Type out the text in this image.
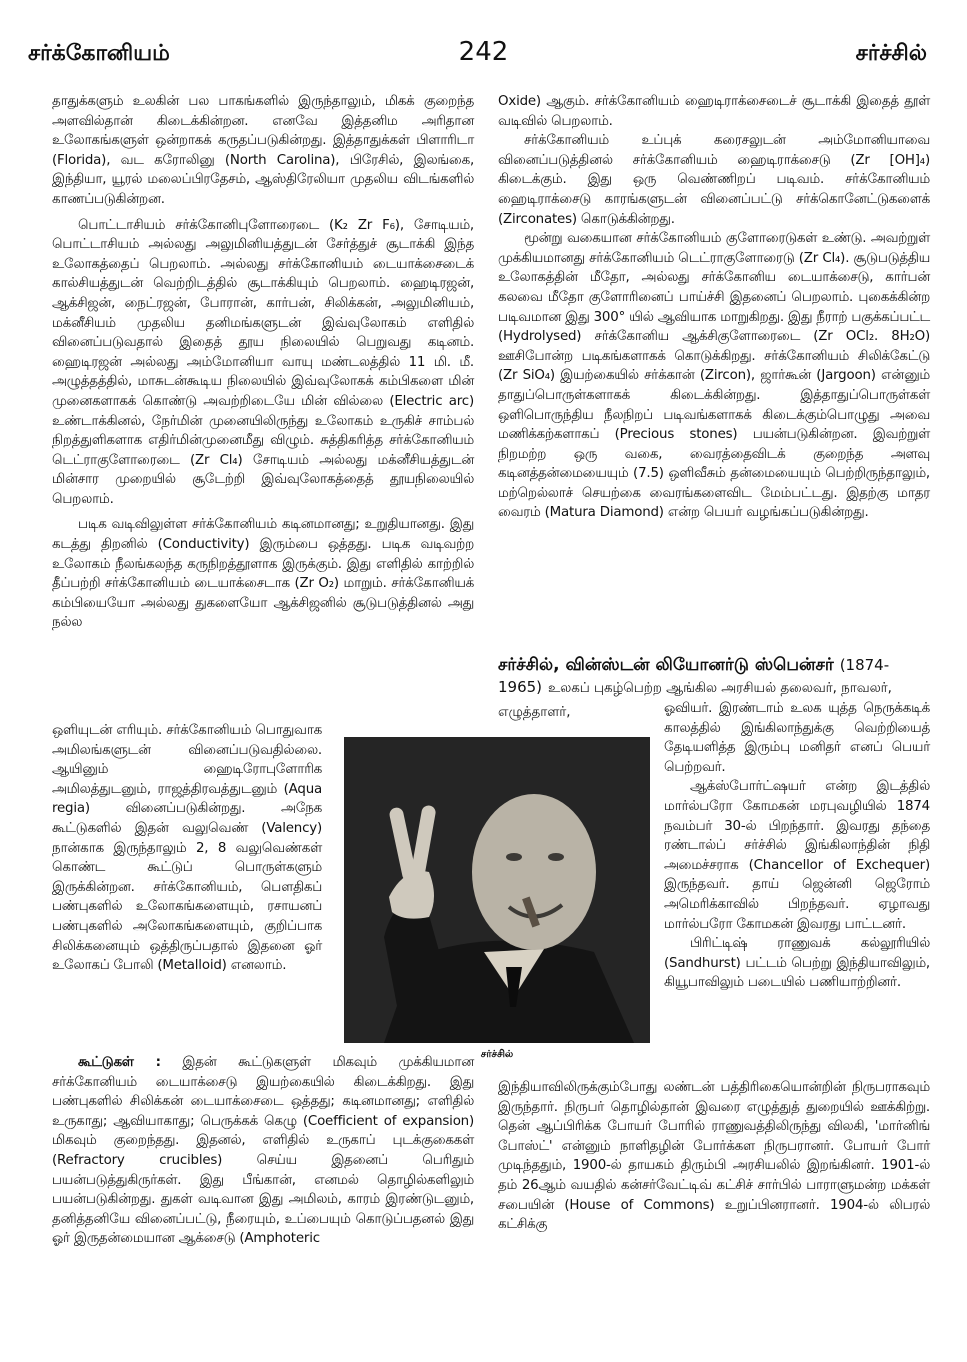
சர்க்கோனியம்	242	சர்ச்சில்

தாதுக்களும் உலகின் பல பாகங்களில் இருந்தாலும், மிகக் குறைந்த அளவில்தான் கிடைக்கின்றன. எனவே இத்தனிம அரிதான உலோகங்களுள் ஒன்றாகக் கருதப்படுகின்றது. இத்தாதுக்கள் பிளாரிடா (Florida), வட கரோலினு (North Carolina), பிரேசில், இலங்கை, இந்தியா, யூரல் மலைப்பிரதேசம், ஆஸ்திரேலியா முதலிய விடங்களில் காணப்படுகின்றன.

பொட்டாசியம் சர்க்கோனிபுளோரைடை (K₂ Zr F₆), சோடியம், பொட்டாசியம் அல்லது அலுமினியத்துடன் சேர்த்துச் சூடாக்கி இந்த உலோகத்தைப் பெறலாம். அல்லது சர்க்கோனியம் டையாக்சைடைக் கால்சியத்துடன் வெற்றிடத்தில் சூடாக்கியும் பெறலாம். ஹைடிரஜன், ஆக்சிஜன், நைட்ரஜன், போரான், கார்பன், சிலிக்கன், அலுமினியம், மக்னீசியம் முதலிய தனிமங்களுடன் இவ்வுலோகம் எளிதில் வினைப்படுவதால் இதைத் தூய நிலையில் பெறுவது கடினம். ஹைடிரஜன் அல்லது அம்மோனியா வாயு மண்டலத்தில் 11 மி. மீ. அழுத்தத்தில், மாசுடன்கூடிய நிலையில் இவ்வுலோகக் கம்பிகளை மின் முனைகளாகக் கொண்டு அவற்றிடையே மின் வில்லை (Electric arc) உண்டாக்கினல், நேர்மின் முனையிலிருந்து உலோகம் உருகிச் சாம்பல் நிறத்துளிகளாக எதிர்மின்முனைமீது விழும். சுத்திகரித்த சர்க்கோனியம் டெட்ராகுளோரைடை (Zr Cl₄) சோடியம் அல்லது மக்னீசியத்துடன் மின்சார முறையில் சூடேற்றி இவ்வுலோகத்தைத் தூயநிலையில் பெறலாம்.

படிக வடிவிலுள்ள சர்க்கோனியம் கடினமானது; உறுதியானது. இது கடத்து திறனில் (Conductivity) இரும்பை ஒத்தது. படிக வடிவற்ற உலோகம் நீலங்கலந்த கருநிறத்தூளாக இருக்கும். இது எளிதில் காற்றில் தீப்பற்றி சர்க்கோனியம் டையாக்சைடாக (Zr O₂) மாறும். சர்க்கோனியக் கம்பியையோ அல்லது துகளையோ ஆக்சிஜனில் சூடுபடுத்தினல் அது நல்ல

ஒளியுடன் எரியும். சர்க்கோனியம் பொதுவாக அமிலங்களுடன் வினைப்படுவதில்லை. ஆயினும் ஹைடிரோபுளோரிக அமிலத்துடனும், ராஜத்திரவத்துடனும் (Aqua regia) வினைப்படுகின்றது. அநேக கூட்டுகளில் இதன் வலுவெண் (Valency) நான்காக இருந்தாலும் 2, 8 வலுவெண்கள் கொண்ட கூட்டுப் பொருள்களும் இருக்கின்றன. சர்க்கோனியம், பௌதிகப் பண்புகளில் உலோகங்களையும், ரசாயனப் பண்புகளில் அலோகங்களையும், குறிப்பாக சிலிக்கனையும் ஒத்திருப்பதால் இதனை ஓர் உலோகப் போலி (Metalloid) எனலாம்.

சர்ச்சில்

கூட்டுகள் : இதன் கூட்டுகளுள் மிகவும் முக்கியமான சர்க்கோனியம் டையாக்சைடு இயற்கையில் கிடைக்கிறது. இது பண்புகளில் சிலிக்கன் டையாக்சைடை ஒத்தது; கடினமானது; எளிதில் உருகாது; ஆவியாகாது; பெருக்கக் கெழு (Coefficient of expansion) மிகவும் குறைந்தது. இதனல், எளிதில் உருகாப் புடக்குகைகள் (Refractory crucibles) செய்ய இதனைப் பெரிதும் பயன்படுத்துகிருர்கள். இது பீங்கான், எனமல் தொழில்களிலும் பயன்படுகின்றது. துகள் வடிவான இது அமிலம், காரம் இரண்டுடனும், தனித்தனியே வினைப்பட்டு, நீரையும், உப்பையும் கொடுப்பதனல் இது ஓர் இருதன்மையான ஆக்சைடு (Amphoteric

Oxide) ஆகும். சர்க்கோனியம் ஹைடிராக்சைடைச் சூடாக்கி இதைத் தூள் வடிவில் பெறலாம்.

சர்க்கோனியம் உப்புக் கரைசலுடன் அம்மோனியாவை வினைப்படுத்தினல் சர்க்கோனியம் ஹைடிராக்சைடு (Zr [OH]₄) கிடைக்கும். இது ஒரு வெண்ணிறப் படிவம். சர்க்கோனியம் ஹைடிராக்சைடு காரங்களுடன் வினைப்பட்டு சர்க்கொனேட்டுகளைக் (Zirconates) கொடுக்கின்றது.

மூன்று வகையான சர்க்கோனியம் குளோரைடுகள் உண்டு. அவற்றுள் முக்கியமானது சர்க்கோனியம் டெட்ராகுளோரைடு (Zr Cl₄). சூடுபடுத்திய உலோகத்தின் மீதோ, அல்லது சர்க்கோனிய டையாக்சைடு, கார்பன் கலவை மீதோ குளோரினைப் பாய்ச்சி இதனைப் பெறலாம். புகைக்கின்ற படிவமான இது 300° யில் ஆவியாக மாறுகிறது. இது நீராற் பகுக்கப்பட்ட (Hydrolysed) சர்க்கோனிய ஆக்சிகுளோரைடை (Zr OCl₂. 8H₂O) ஊசிபோன்ற படிகங்களாகக் கொடுக்கிறது. சர்க்கோனியம் சிலிக்கேட்டு (Zr SiO₄) இயற்கையில் சர்க்கான் (Zircon), ஜார்கூன் (Jargoon) என்னும் தாதுப்பொருள்களாகக் கிடைக்கின்றது. இத்தாதுப்பொருள்கள் ஒளிபொருந்திய நீலநிறப் படிவங்களாகக் கிடைக்கும்பொழுது அவை மணிக்கற்களாகப் (Precious stones) பயன்படுகின்றன. இவற்றுள் நிறமற்ற ஒரு வகை, வைரத்தைவிடக் குறைந்த அளவு கடினத்தன்மையையும் (7.5) ஒளிவீசும் தன்மையையும் பெற்றிருந்தாலும், மற்றெல்லாச் செயற்கை வைரங்களைவிட மேம்பட்டது. இதற்கு மாதர வைரம் (Matura Diamond) என்ற பெயர் வழங்கப்படுகின்றது.

சர்ச்சில், வின்ஸ்டன் லியோனர்டு ஸ்பென்சர் (1874-1965) உலகப் புகழ்பெற்ற ஆங்கில அரசியல் தலைவர், நாவலர், எழுத்தாளர்,	ஓவியர். இரண்டாம் உலக யுத்த நெருக்கடிக் காலத்தில் இங்கிலாந்துக்கு வெற்றியைத் தேடியளித்த இரும்பு மனிதர் எனப் பெயர் பெற்றவர்.

ஆக்ஸ்போர்ட்ஷயர் என்ற இடத்தில் மார்ல்பரோ கோமகன் மரபுவழியில் 1874 நவம்பர் 30-ல் பிறந்தார். இவரது தந்தை ரண்டால்ப் சர்ச்சில் இங்கிலாந்தின் நிதி அமைச்சராக (Chancellor of Exchequer) இருந்தவர். தாய் ஜென்னி ஜெரோம் அமெரிக்காவில் பிறந்தவர். ஏழாவது மார்ல்பரோ கோமகன் இவரது பாட்டனர்.

பிரிட்டிஷ் ராணுவக் கல்லூரியில் (Sandhurst) பட்டம் பெற்று இந்தியாவிலும், கியூபாவிலும் படையில் பணியாற்றினர்.

இந்தியாவிலிருக்கும்போது லண்டன் பத்திரிகையொன்றின் நிருபராகவும் இருந்தார். நிருபர் தொழில்தான் இவரை எழுத்துத் துறையில் ஊக்கிற்று. தென் ஆப்பிரிக்க போயர் போரில் ராணுவத்திலிருந்து விலகி, 'மார்னிங் போஸ்ட்' என்னும் நாளிதழின் போர்க்கள நிருபரானர். போயர் போர் முடிந்ததும், 1900-ல் தாயகம் திரும்பி அரசியலில் இறங்கினர். 1901-ல் தம் 26ஆம் வயதில் கன்சர்வேட்டிவ் கட்சிச் சார்பில் பாராளுமன்ற மக்கள் சபையின் (House of Commons) உறுப்பினரானர். 1904-ல் லிபரல் கட்சிக்கு
